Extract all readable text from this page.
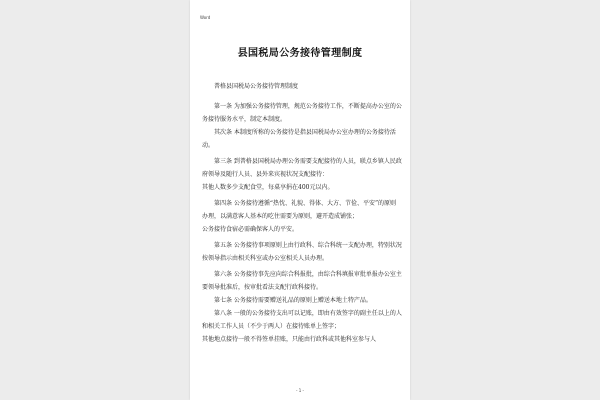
Word
县国税局公务接待管理制度

普格县国税局公务接待管理制度

第一条 为加强公务接待管理，规范公务接待工作，不断提高办公室的公务接待服务水平，制定本制度。

其次条 本制度所称的公务接待是指县国税局办公室办理的公务接待活动。

第三条 到普格县国税局办理公务需要支配接待的人员，联点乡镇人民政府领导及随行人员、县外来宾视状况支配接待：

其他人数多少支配食堂，每桌享捐在400元以内。

第四条 公务接待遵循“热忱、礼貌、得体、大方、节俭、平安”的原则办理，以满意客人基本的吃住需要为原则，避开造成铺张；

公务接待食宿必需确保客人的平安。

第五条 公务接待事项原则上由行政科、综合科统一支配办理，特别状况按领导指示由相关科室或办公室相关人员办理。

第六条 公务接待事先应向综合科报批，由综合科填报审批单报办公室主要领导批准后，按审批看法支配行政科接待。

第七条 公务接待需要赠送礼品的原则上赠送本地土特产品。

第八条 一般的公务接待支出可以记账，即由有效签字的副主任以上的人和相关工作人员（不少于两人）在接待账单上签字；

其他地点接待一般不得签单挂账，只能由行政科或其他科室参与人

- 1 -
